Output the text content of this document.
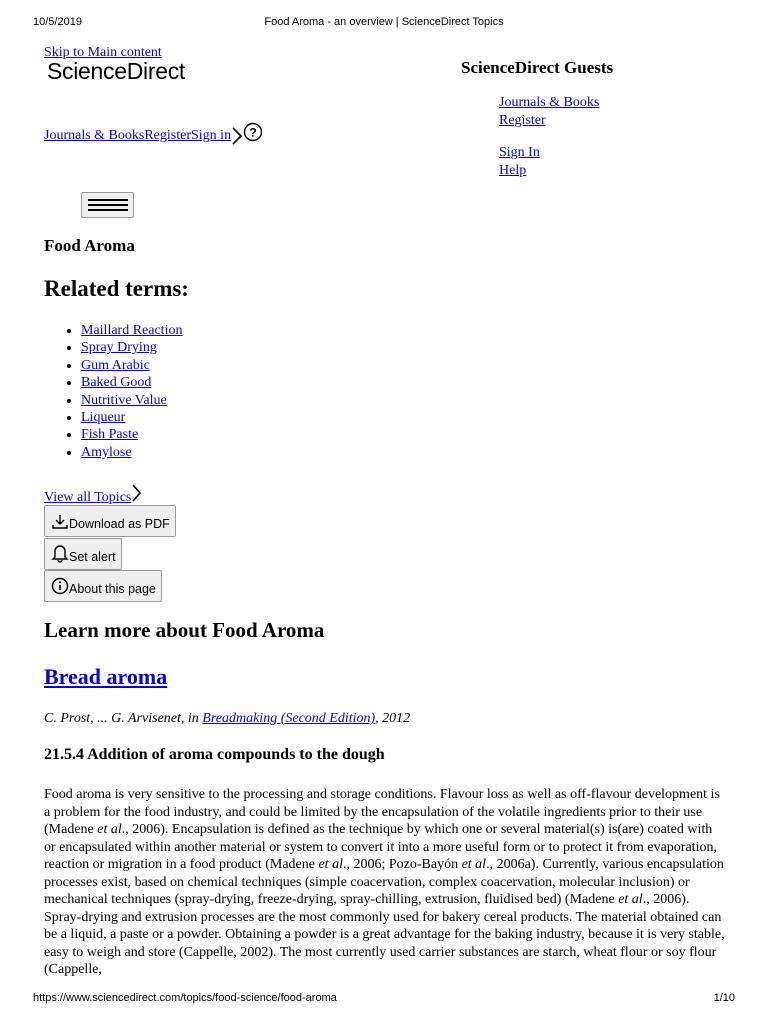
10/5/2019	Food Aroma - an overview | ScienceDirect Topics
Skip to Main content
ScienceDirect	ScienceDirect Guests
Journals & Books
Register
Sign In
Help
Journals & Books Register Sign in ?
Food Aroma
Related terms:
• Maillard Reaction
• Spray Drying
• Gum Arabic
• Baked Good
• Nutritive Value
• Liqueur
• Fish Paste
• Amylose
View all Topics
Download as PDF
Set alert
About this page
Learn more about Food Aroma
Bread aroma
C. Prost, ... G. Arvisenet, in Breadmaking (Second Edition), 2012
21.5.4 Addition of aroma compounds to the dough

Food aroma is very sensitive to the processing and storage conditions. Flavour loss as well as off-flavour development is a problem for the food industry, and could be limited by the encapsulation of the volatile ingredients prior to their use (Madene et al., 2006). Encapsulation is defined as the technique by which one or several material(s) is(are) coated with or encapsulated within another material or system to convert it into a more useful form or to protect it from evaporation, reaction or migration in a food product (Madene et al., 2006; Pozo-Bayón et al., 2006a). Currently, various encapsulation processes exist, based on chemical techniques (simple coacervation, complex coacervation, molecular inclusion) or mechanical techniques (spray-drying, freeze-drying, spray-chilling, extrusion, fluidised bed) (Madene et al., 2006). Spray-drying and extrusion processes are the most commonly used for bakery cereal products. The material obtained can be a liquid, a paste or a powder. Obtaining a powder is a great advantage for the baking industry, because it is very stable, easy to weigh and store (Cappelle, 2002). The most currently used carrier substances are starch, wheat flour or soy flour (Cappelle,

https://www.sciencedirect.com/topics/food-science/food-aroma	1/10
